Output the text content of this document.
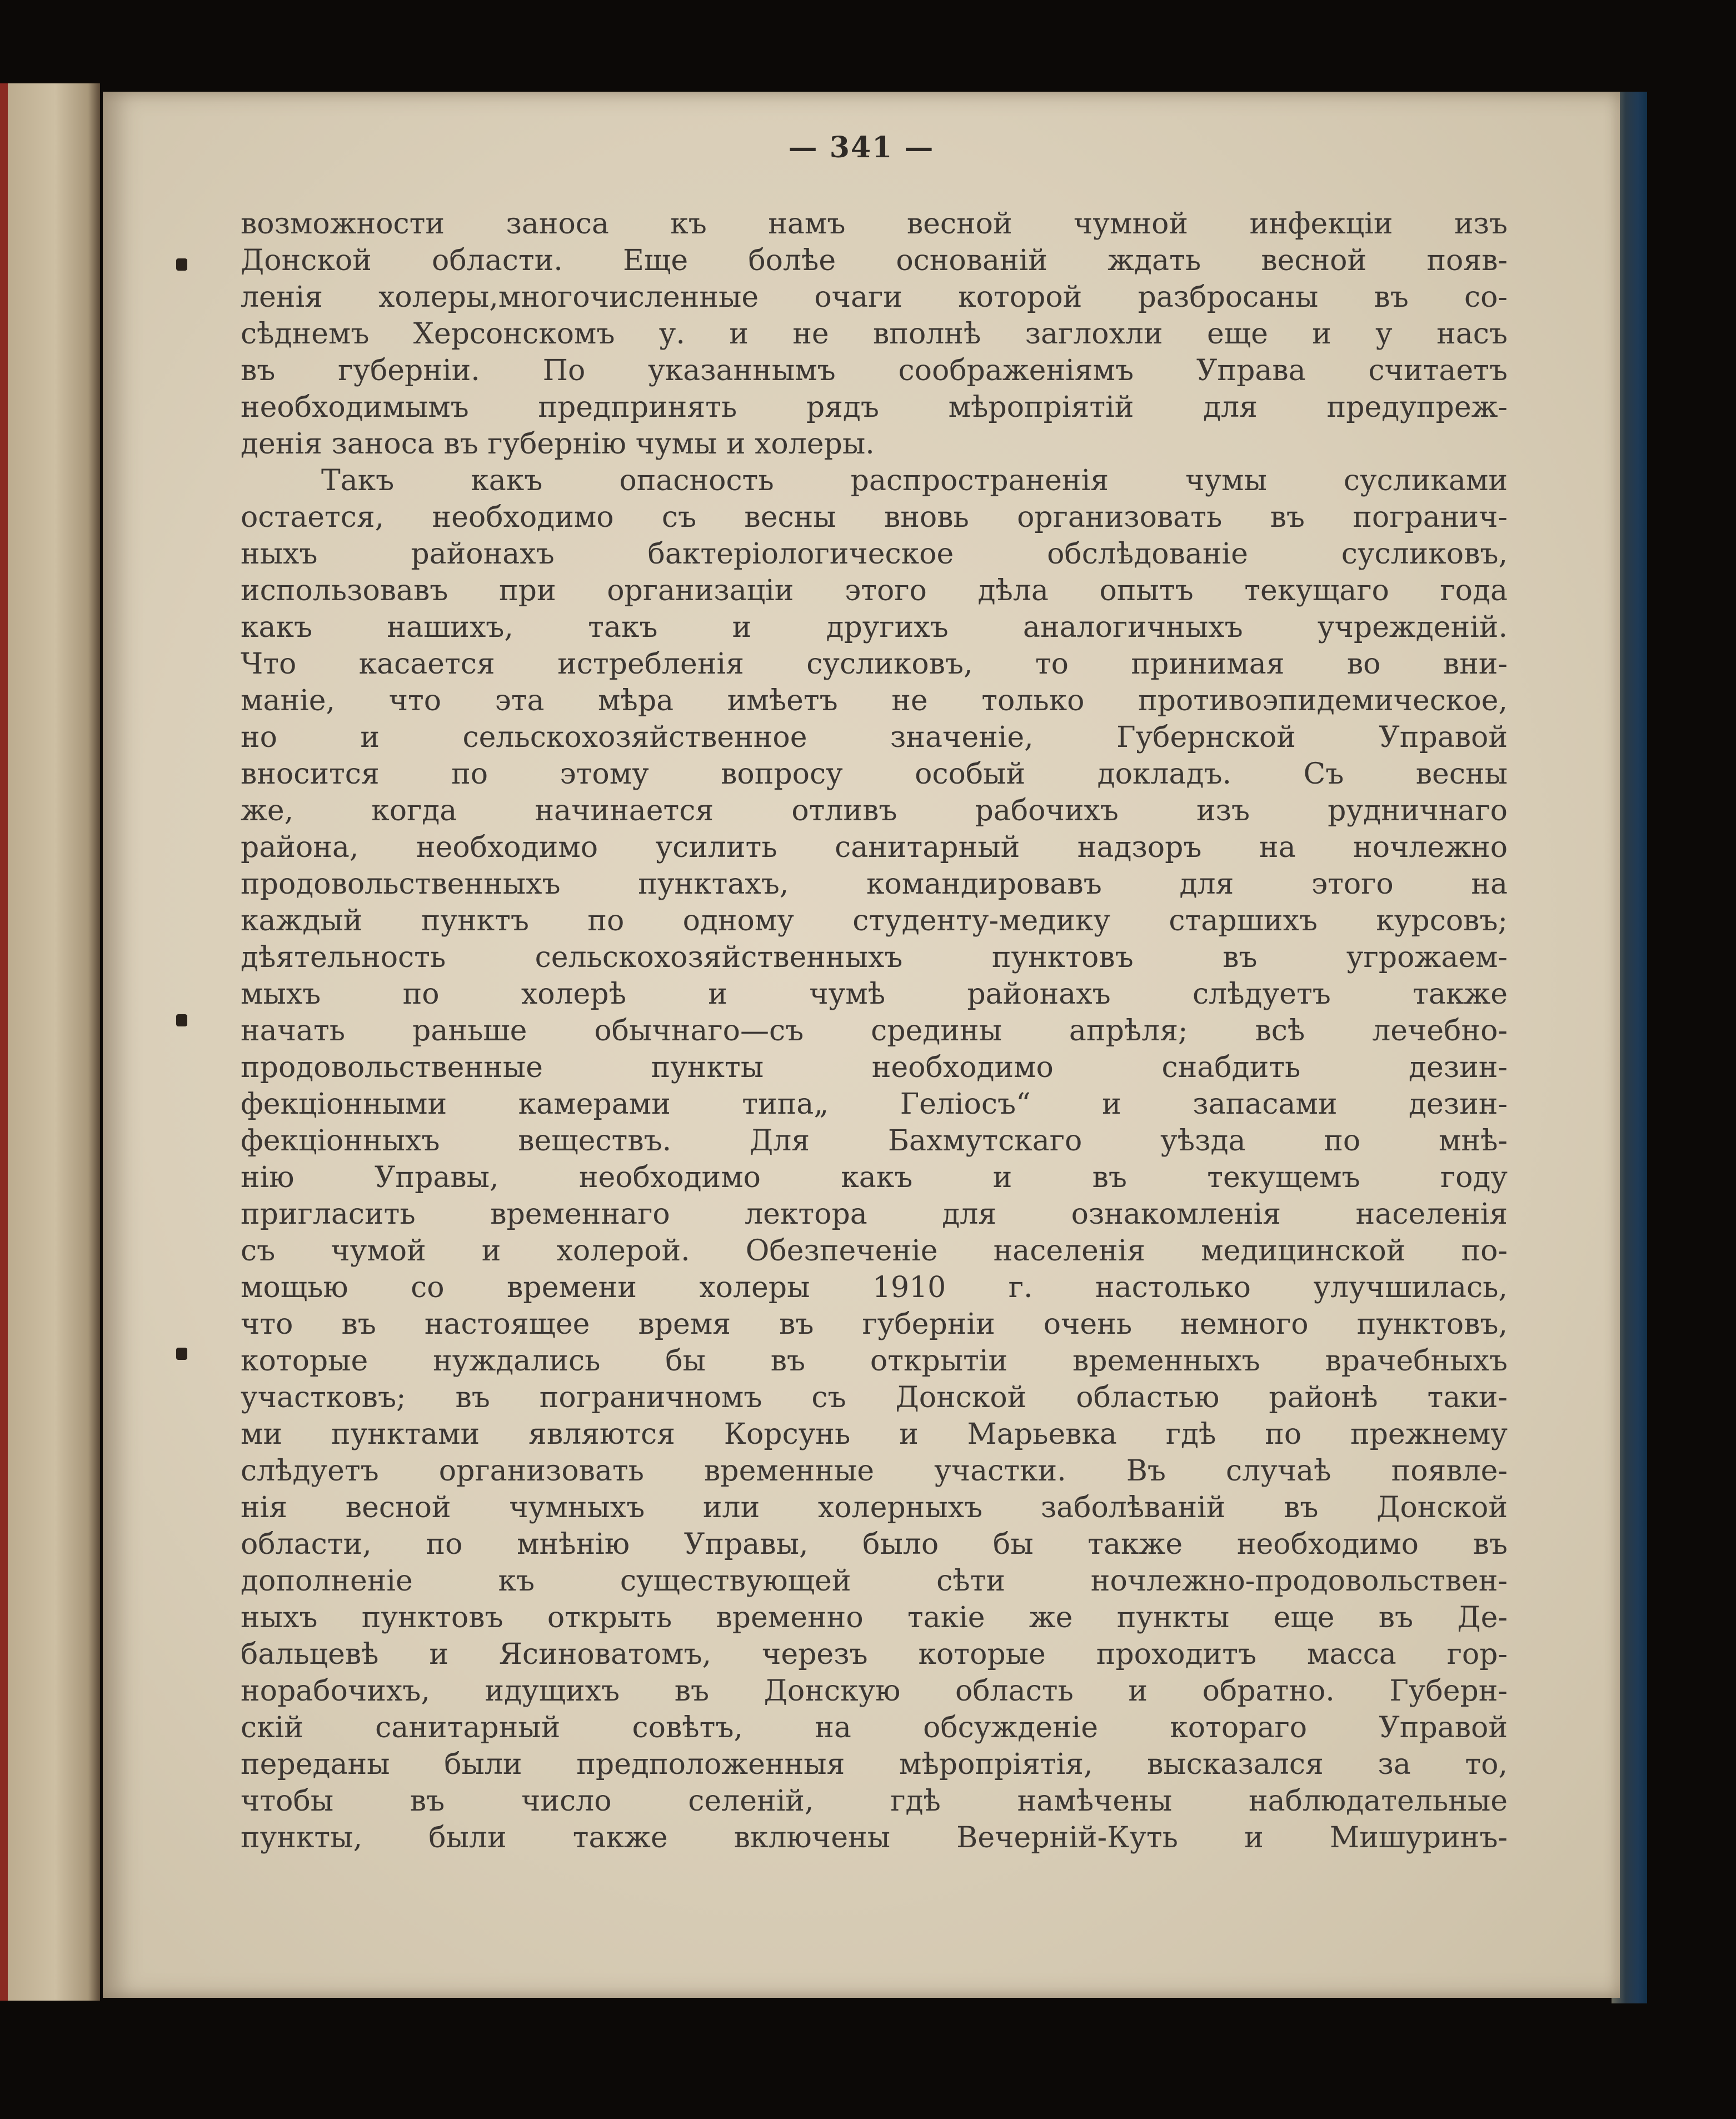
— 341 —
возможности заноса къ намъ весной чумной инфекціи изъ
Донской области. Еще болѣе основаній ждать весной появ-
ленія холеры,многочисленные очаги которой разбросаны въ со-
сѣднемъ Херсонскомъ у. и не вполнѣ заглохли еще и у насъ
въ губерніи. По указаннымъ соображеніямъ Управа считаетъ
необходимымъ предпринять рядъ мѣропріятій для предупреж-
денія заноса въ губернію чумы и холеры.
Такъ какъ опасность распространенія чумы сусликами
остается, необходимо съ весны вновь организовать въ погранич-
ныхъ районахъ бактеріологическое обслѣдованіе сусликовъ,
использовавъ при организаціи этого дѣла опытъ текущаго года
какъ нашихъ, такъ и другихъ аналогичныхъ учрежденій.
Что касается истребленія сусликовъ, то принимая во вни-
маніе, что эта мѣра имѣетъ не только противоэпидемическое,
но и сельскохозяйственное значеніе, Губернской Управой
вносится по этому вопросу особый докладъ. Съ весны
же, когда начинается отливъ рабочихъ изъ рудничнаго
района, необходимо усилить санитарный надзоръ на ночлежно
продовольственныхъ пунктахъ, командировавъ для этого на
каждый пунктъ по одному студенту-медику старшихъ курсовъ;
дѣятельность сельскохозяйственныхъ пунктовъ въ угрожаем-
мыхъ по холерѣ и чумѣ районахъ слѣдуетъ также
начать раньше обычнаго—съ средины апрѣля; всѣ лечебно-
продовольственные пункты необходимо снабдить дезин-
фекціонными камерами типа„ Геліосъ“ и запасами дезин-
фекціонныхъ веществъ. Для Бахмутскаго уѣзда по мнѣ-
нію Управы, необходимо какъ и въ текущемъ году
пригласить временнаго лектора для ознакомленія населенія
съ чумой и холерой. Обезпеченіе населенія медицинской по-
мощью со времени холеры 1910 г. настолько улучшилась,
что въ настоящее время въ губерніи очень немного пунктовъ,
которые нуждались бы въ открытіи временныхъ врачебныхъ
участковъ; въ пограничномъ съ Донской областью районѣ таки-
ми пунктами являются Корсунь и Марьевка гдѣ по прежнему
слѣдуетъ организовать временные участки. Въ случаѣ появле-
нія весной чумныхъ или холерныхъ заболѣваній въ Донской
области, по мнѣнію Управы, было бы также необходимо въ
дополненіе къ существующей сѣти ночлежно-продовольствен-
ныхъ пунктовъ открыть временно такіе же пункты еще въ Де-
бальцевѣ и Ясиноватомъ, черезъ которые проходитъ масса гор-
норабочихъ, идущихъ въ Донскую область и обратно. Губерн-
скій санитарный совѣтъ, на обсужденіе котораго Управой
переданы были предположенныя мѣропріятія, высказался за то,
чтобы въ число селеній, гдѣ намѣчены наблюдательные
пункты, были также включены Вечерній-Куть и Мишуринъ-
